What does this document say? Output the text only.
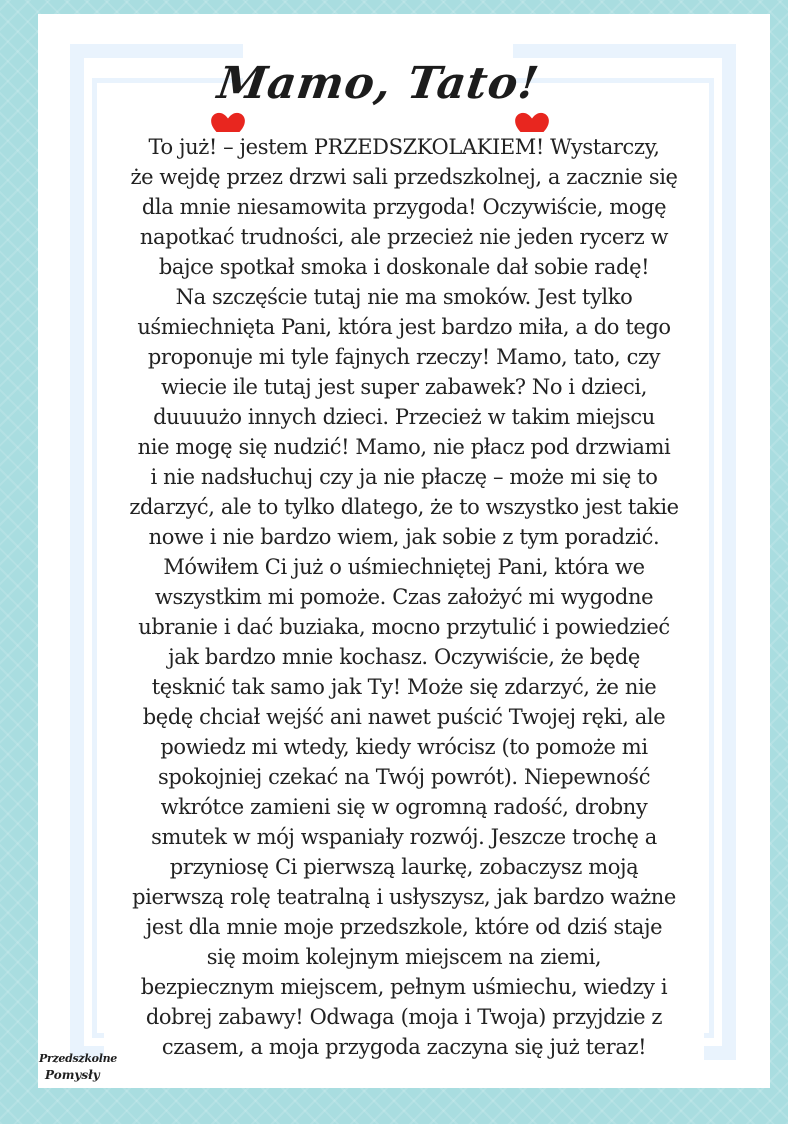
Mamo, Tato!

To już! – jestem PRZEDSZKOLAKIEM! Wystarczy,
że wejdę przez drzwi sali przedszkolnej, a zacznie się
dla mnie niesamowita przygoda! Oczywiście, mogę
napotkać trudności, ale przecież nie jeden rycerz w
bajce spotkał smoka i doskonale dał sobie radę!
Na szczęście tutaj nie ma smoków. Jest tylko
uśmiechnięta Pani, która jest bardzo miła, a do tego
proponuje mi tyle fajnych rzeczy! Mamo, tato, czy
wiecie ile tutaj jest super zabawek? No i dzieci,
duuuużo innych dzieci. Przecież w takim miejscu
nie mogę się nudzić! Mamo, nie płacz pod drzwiami
i nie nadsłuchuj czy ja nie płaczę – może mi się to
zdarzyć, ale to tylko dlatego, że to wszystko jest takie
nowe i nie bardzo wiem, jak sobie z tym poradzić.
Mówiłem Ci już o uśmiechniętej Pani, która we
wszystkim mi pomoże. Czas założyć mi wygodne
ubranie i dać buziaka, mocno przytulić i powiedzieć
jak bardzo mnie kochasz. Oczywiście, że będę
tęsknić tak samo jak Ty! Może się zdarzyć, że nie
będę chciał wejść ani nawet puścić Twojej ręki, ale
powiedz mi wtedy, kiedy wrócisz (to pomoże mi
spokojniej czekać na Twój powrót). Niepewność
wkrótce zamieni się w ogromną radość, drobny
smutek w mój wspaniały rozwój. Jeszcze trochę a
przyniosę Ci pierwszą laurkę, zobaczysz moją
pierwszą rolę teatralną i usłyszysz, jak bardzo ważne
jest dla mnie moje przedszkole, które od dziś staje
się moim kolejnym miejscem na ziemi,
bezpiecznym miejscem, pełnym uśmiechu, wiedzy i
dobrej zabawy! Odwaga (moja i Twoja) przyjdzie z
czasem, a moja przygoda zaczyna się już teraz!

Przedszkolne
Pomysły
